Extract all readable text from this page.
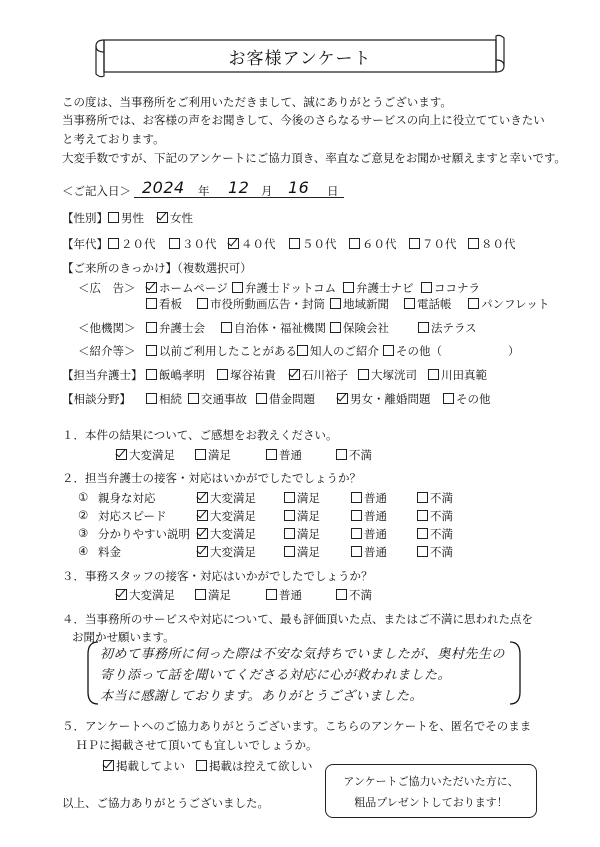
お客様アンケート
この度は、当事務所をご利用いただきまして、誠にありがとうございます。
当事務所では、お客様の声をお聞きして、今後のさらなるサービスの向上に役立てていきたい
と考えております。
大変手数ですが、下記のアンケートにご協力頂き、率直なご意見をお聞かせ願えますと幸いです。
＜ご記入日＞ 2024 年 12 月 16 日
【性別】	男性	女性
【年代】	２０代	３０代	４０代	５０代	６０代	７０代	８０代
【ご来所のきっかけ】（複数選択可）
＜広　告＞	ホームページ	弁護士ドットコム	弁護士ナビ	ココナラ
看板	市役所動画広告・封筒	地域新聞	電話帳	パンフレット
＜他機関＞	弁護士会	自治体・福祉機関	保険会社	法テラス
＜紹介等＞	以前ご利用したことがある	知人のご紹介	その他（	）
【担当弁護士】	飯嶋孝明	塚谷祐貴	石川裕子	大塚洸司	川田真範
【相談分野】	相続	交通事故	借金問題	男女・離婚問題	その他
１．本件の結果について、ご感想をお教えください。
大変満足	満足	普通	不満
２．担当弁護士の接客・対応はいかがでしたでしょうか？
① 親身な対応	大変満足	満足	普通	不満
② 対応スピード	大変満足	満足	普通	不満
③ 分かりやすい説明	大変満足	満足	普通	不満
④ 料金	大変満足	満足	普通	不満
３．事務スタッフの接客・対応はいかがでしたでしょうか？
大変満足	満足	普通	不満
４．当事務所のサービスや対応について、最も評価頂いた点、またはご不満に思われた点を
お聞かせ願います。
初めて事務所に伺った際は不安な気持ちでいましたが、奥村先生の
寄り添って話を聞いてくださる対応に心が救われました。
本当に感謝しております。ありがとうございました。
５．アンケートへのご協力ありがとうございます。こちらのアンケートを、匿名でそのまま
ＨＰに掲載させて頂いても宜しいでしょうか。
掲載してよい	掲載は控えて欲しい
以上、ご協力ありがとうございました。
アンケートご協力いただいた方に、
粗品プレゼントしております！
